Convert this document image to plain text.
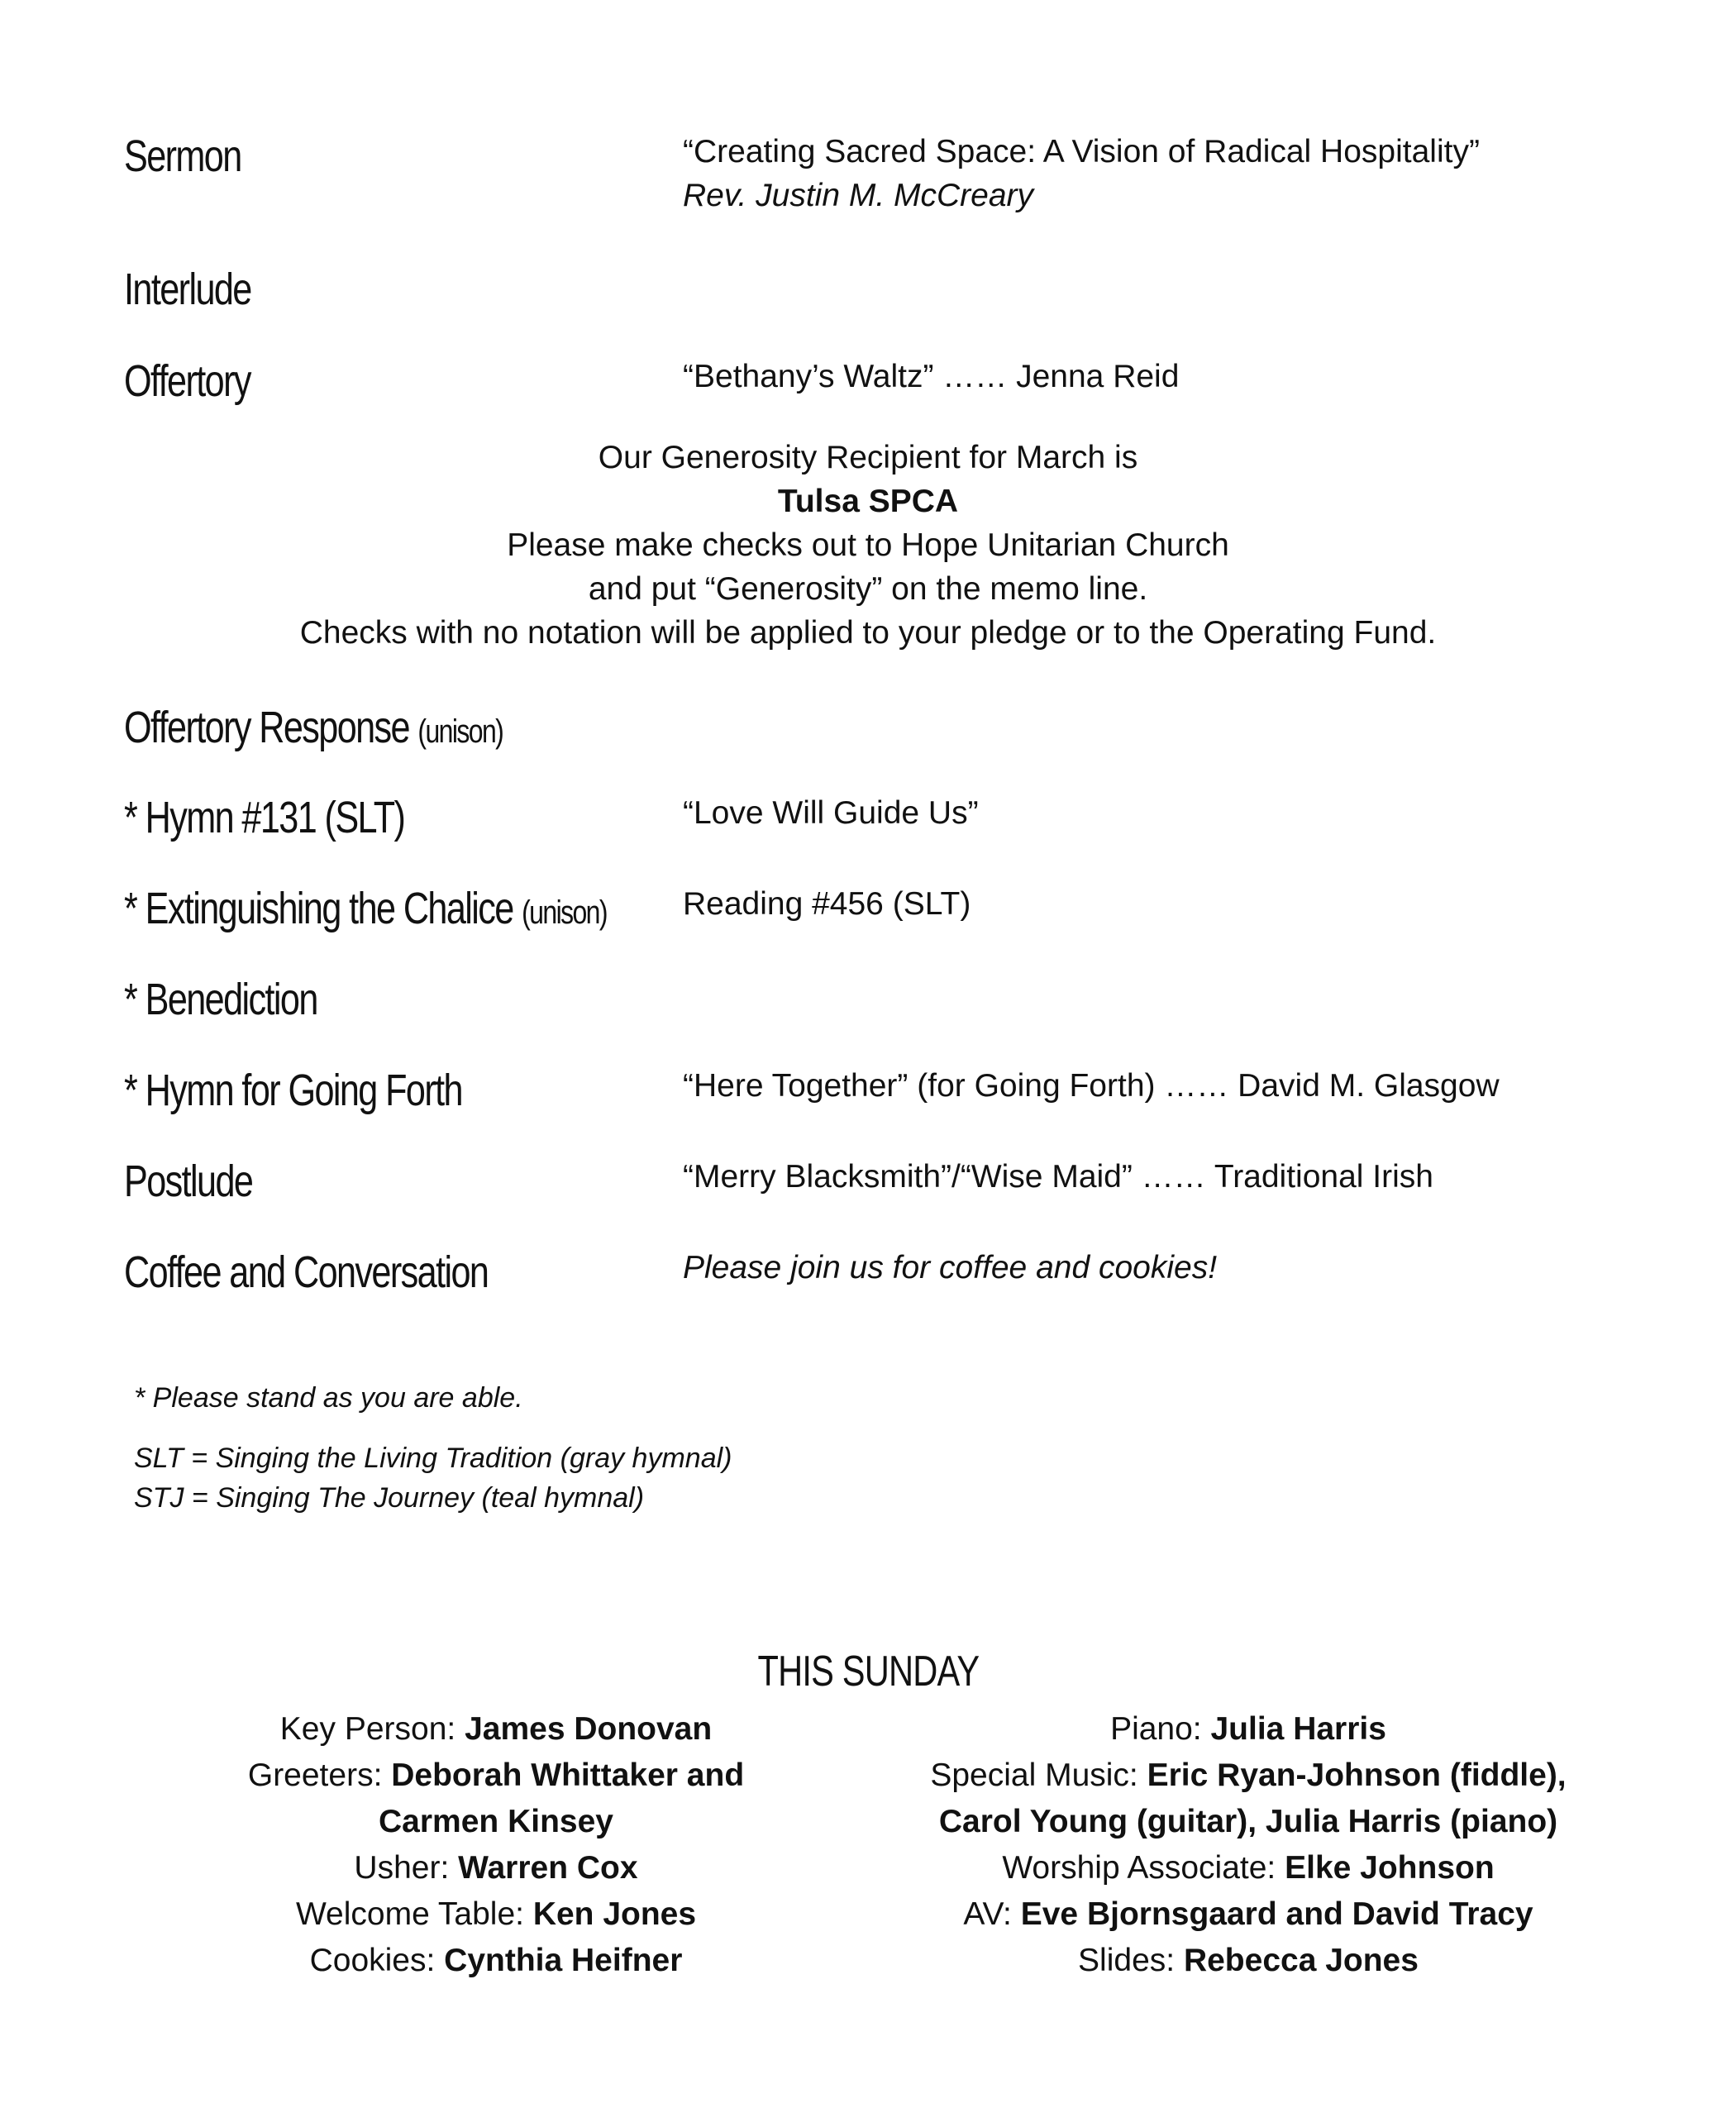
Sermon	“Creating Sacred Space: A Vision of Radical Hospitality”
Rev. Justin M. McCreary
Interlude
Offertory	“Bethany’s Waltz” …… Jenna Reid
Our Generosity Recipient for March is
Tulsa SPCA
Please make checks out to Hope Unitarian Church
and put “Generosity” on the memo line.
Checks with no notation will be applied to your pledge or to the Operating Fund.
Offertory Response (unison)
* Hymn #131 (SLT)	“Love Will Guide Us”
* Extinguishing the Chalice (unison) Reading #456 (SLT)
* Benediction
* Hymn for Going Forth	“Here Together” (for Going Forth) …… David M. Glasgow
Postlude	“Merry Blacksmith”/“Wise Maid” …… Traditional Irish
Coffee and Conversation	Please join us for coffee and cookies!
* Please stand as you are able.
SLT = Singing the Living Tradition (gray hymnal)
STJ = Singing The Journey (teal hymnal)
THIS SUNDAY
Key Person: James Donovan
Greeters: Deborah Whittaker and
Carmen Kinsey
Usher: Warren Cox
Welcome Table: Ken Jones
Cookies: Cynthia Heifner
Piano: Julia Harris
Special Music: Eric Ryan-Johnson (fiddle),
Carol Young (guitar), Julia Harris (piano)
Worship Associate: Elke Johnson
AV: Eve Bjornsgaard and David Tracy
Slides: Rebecca Jones
